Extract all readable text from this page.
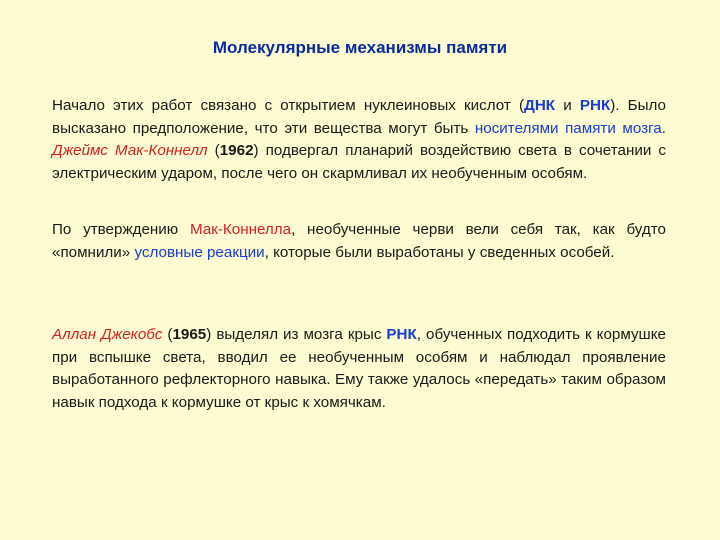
Молекулярные механизмы памяти
Начало этих работ связано с открытием нуклеиновых кислот (ДНК и РНК). Было высказано предположение, что эти вещества могут быть носителями памяти мозга. Джеймс Мак-Коннелл (1962) подвергал планарий воздействию света в сочетании с электрическим ударом, после чего он скармливал их необученным особям.
По утверждению Мак-Коннелла, необученные черви вели себя так, как будто «помнили» условные реакции, которые были выработаны у сведенных особей.
Аллан Джекобс (1965) выделял из мозга крыс РНК, обученных подходить к кормушке при вспышке света, вводил ее необученным особям и наблюдал проявление выработанного рефлекторного навыка. Ему также удалось «передать» таким образом навык подхода к кормушке от крыс к хомячкам.
